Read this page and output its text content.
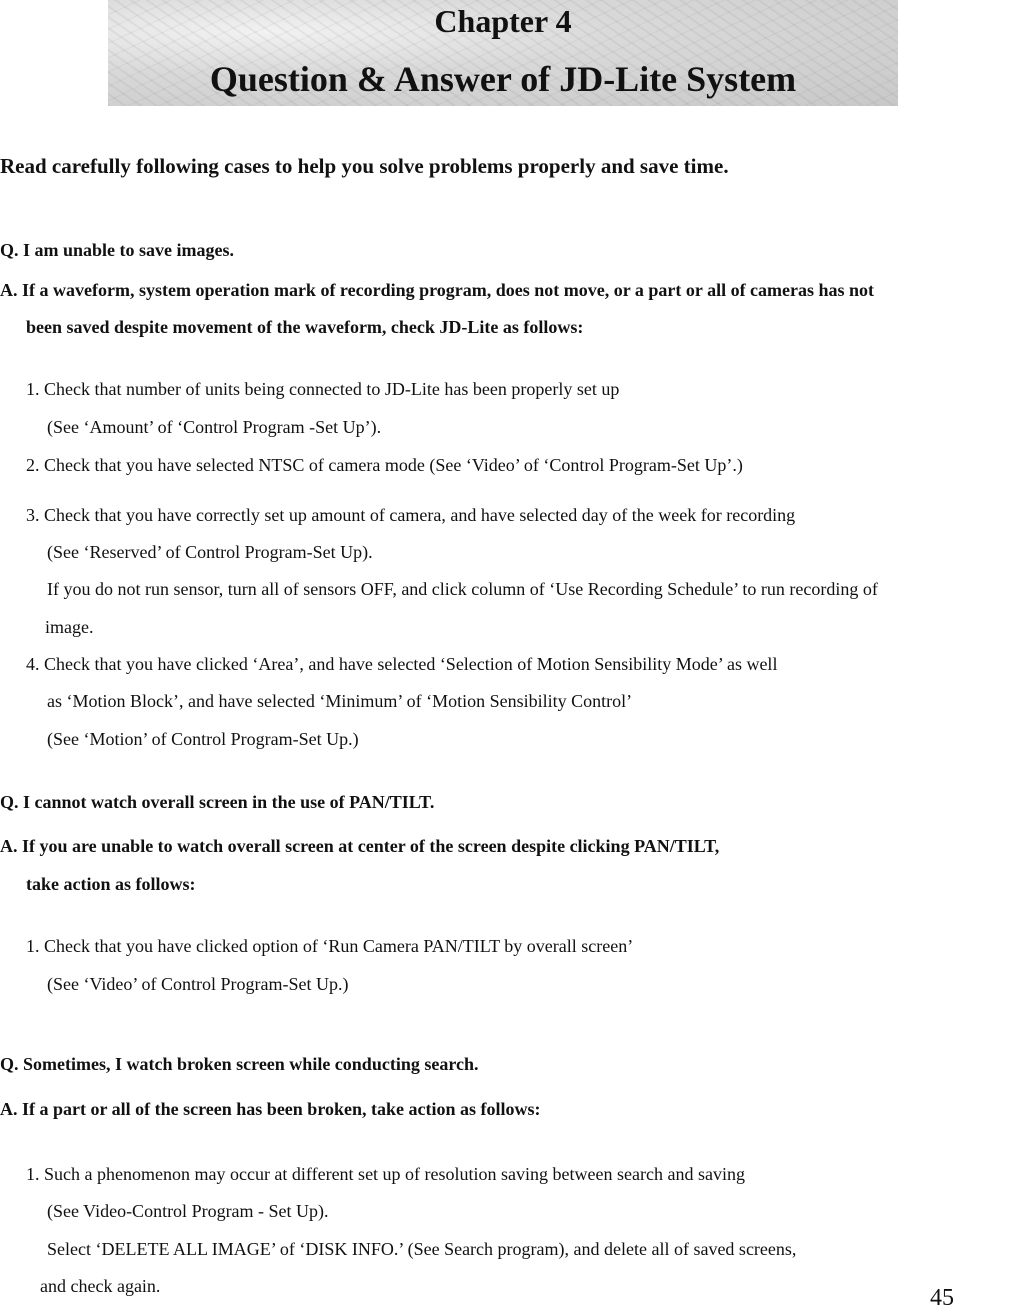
Chapter 4
Question & Answer of JD-Lite System
Read carefully following cases to help you solve problems properly and save time.
Q. I am unable to save images.
A. If a waveform, system operation mark of recording program, does not move, or a part or all of cameras has not
been saved despite movement of the waveform, check JD-Lite as follows:
1. Check that number of units being connected to JD-Lite has been properly set up
(See ‘Amount’ of ‘Control Program -Set Up’).
2. Check that you have selected NTSC of camera mode (See ‘Video’ of ‘Control Program-Set Up’.)
3. Check that you have correctly set up amount of camera, and have selected day of the week for recording
(See ‘Reserved’ of Control Program-Set Up).
If you do not run sensor, turn all of sensors OFF, and click column of ‘Use Recording Schedule’ to run recording of
image.
4. Check that you have clicked ‘Area’, and have selected ‘Selection of Motion Sensibility Mode’ as well
as ‘Motion Block’, and have selected ‘Minimum’ of ‘Motion Sensibility Control’
(See ‘Motion’ of Control Program-Set Up.)
Q. I cannot watch overall screen in the use of PAN/TILT.
A. If you are unable to watch overall screen at center of the screen despite clicking PAN/TILT,
take action as follows:
1. Check that you have clicked option of ‘Run Camera PAN/TILT by overall screen’
(See ‘Video’ of Control Program-Set Up.)
Q. Sometimes, I watch broken screen while conducting search.
A. If a part or all of the screen has been broken, take action as follows:
1. Such a phenomenon may occur at different set up of resolution saving between search and saving
(See Video-Control Program - Set Up).
Select ‘DELETE ALL IMAGE’ of ‘DISK INFO.’ (See Search program), and delete all of saved screens,
and check again.	45
